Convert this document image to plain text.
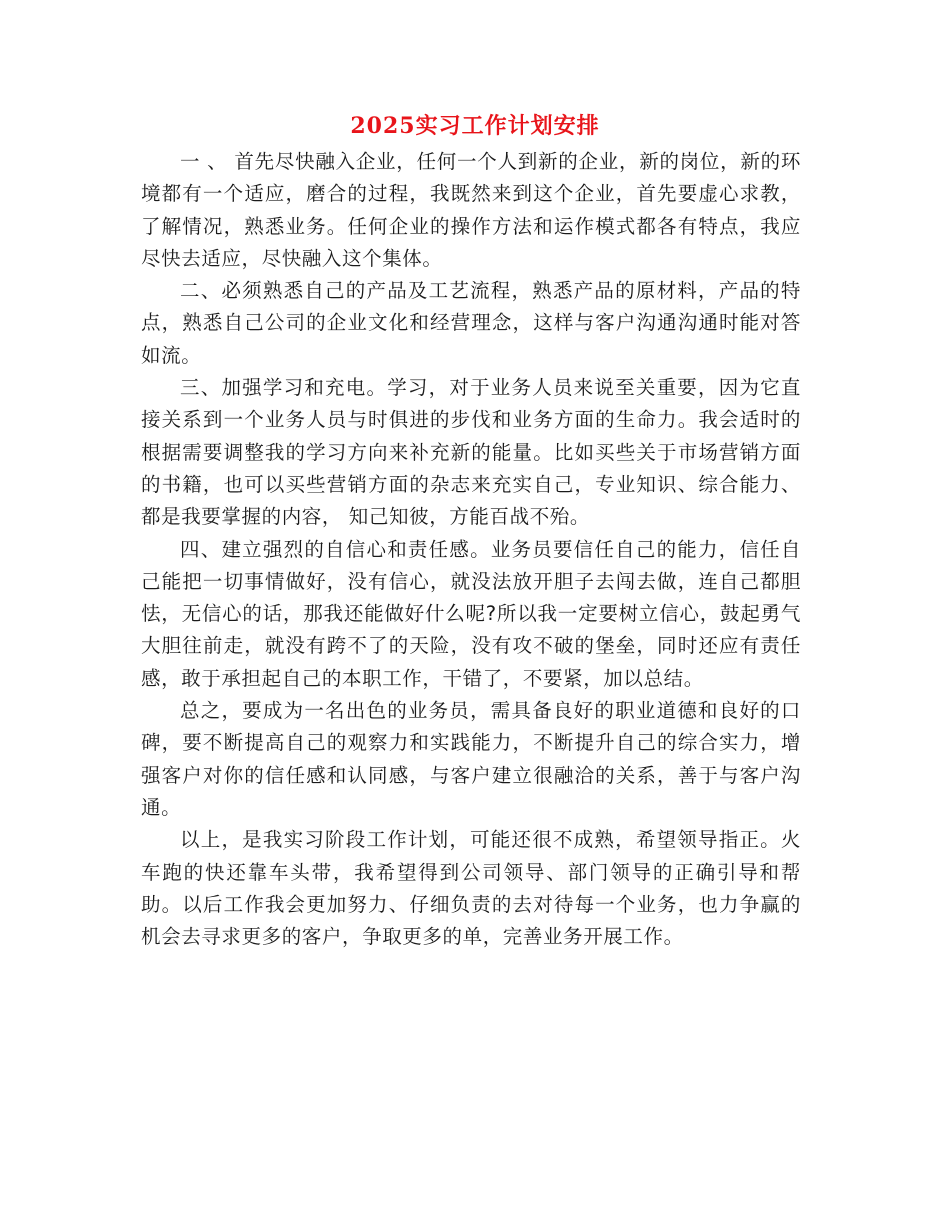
2025实习工作计划安排

一 、 首先尽快融入企业，任何一个人到新的企业，新的岗位，新的环境都有一个适应，磨合的过程，我既然来到这个企业，首先要虚心求教，了解情况，熟悉业务。任何企业的操作方法和运作模式都各有特点，我应尽快去适应，尽快融入这个集体。

二、必须熟悉自己的产品及工艺流程，熟悉产品的原材料，产品的特点，熟悉自己公司的企业文化和经营理念，这样与客户沟通沟通时能对答如流。

三、加强学习和充电。学习，对于业务人员来说至关重要，因为它直接关系到一个业务人员与时俱进的步伐和业务方面的生命力。我会适时的根据需要调整我的学习方向来补充新的能量。比如买些关于市场营销方面的书籍，也可以买些营销方面的杂志来充实自己，专业知识、综合能力、都是我要掌握的内容， 知己知彼，方能百战不殆。

四、建立强烈的自信心和责任感。业务员要信任自己的能力，信任自己能把一切事情做好，没有信心，就没法放开胆子去闯去做，连自己都胆怯，无信心的话，那我还能做好什么呢?所以我一定要树立信心，鼓起勇气大胆往前走，就没有跨不了的天险，没有攻不破的堡垒，同时还应有责任感，敢于承担起自己的本职工作，干错了，不要紧，加以总结。

总之，要成为一名出色的业务员，需具备良好的职业道德和良好的口碑，要不断提高自己的观察力和实践能力，不断提升自己的综合实力，增强客户对你的信任感和认同感，与客户建立很融洽的关系，善于与客户沟通。

以上，是我实习阶段工作计划，可能还很不成熟，希望领导指正。火车跑的快还靠车头带，我希望得到公司领导、部门领导的正确引导和帮助。以后工作我会更加努力、仔细负责的去对待每一个业务，也力争赢的机会去寻求更多的客户，争取更多的单，完善业务开展工作。
